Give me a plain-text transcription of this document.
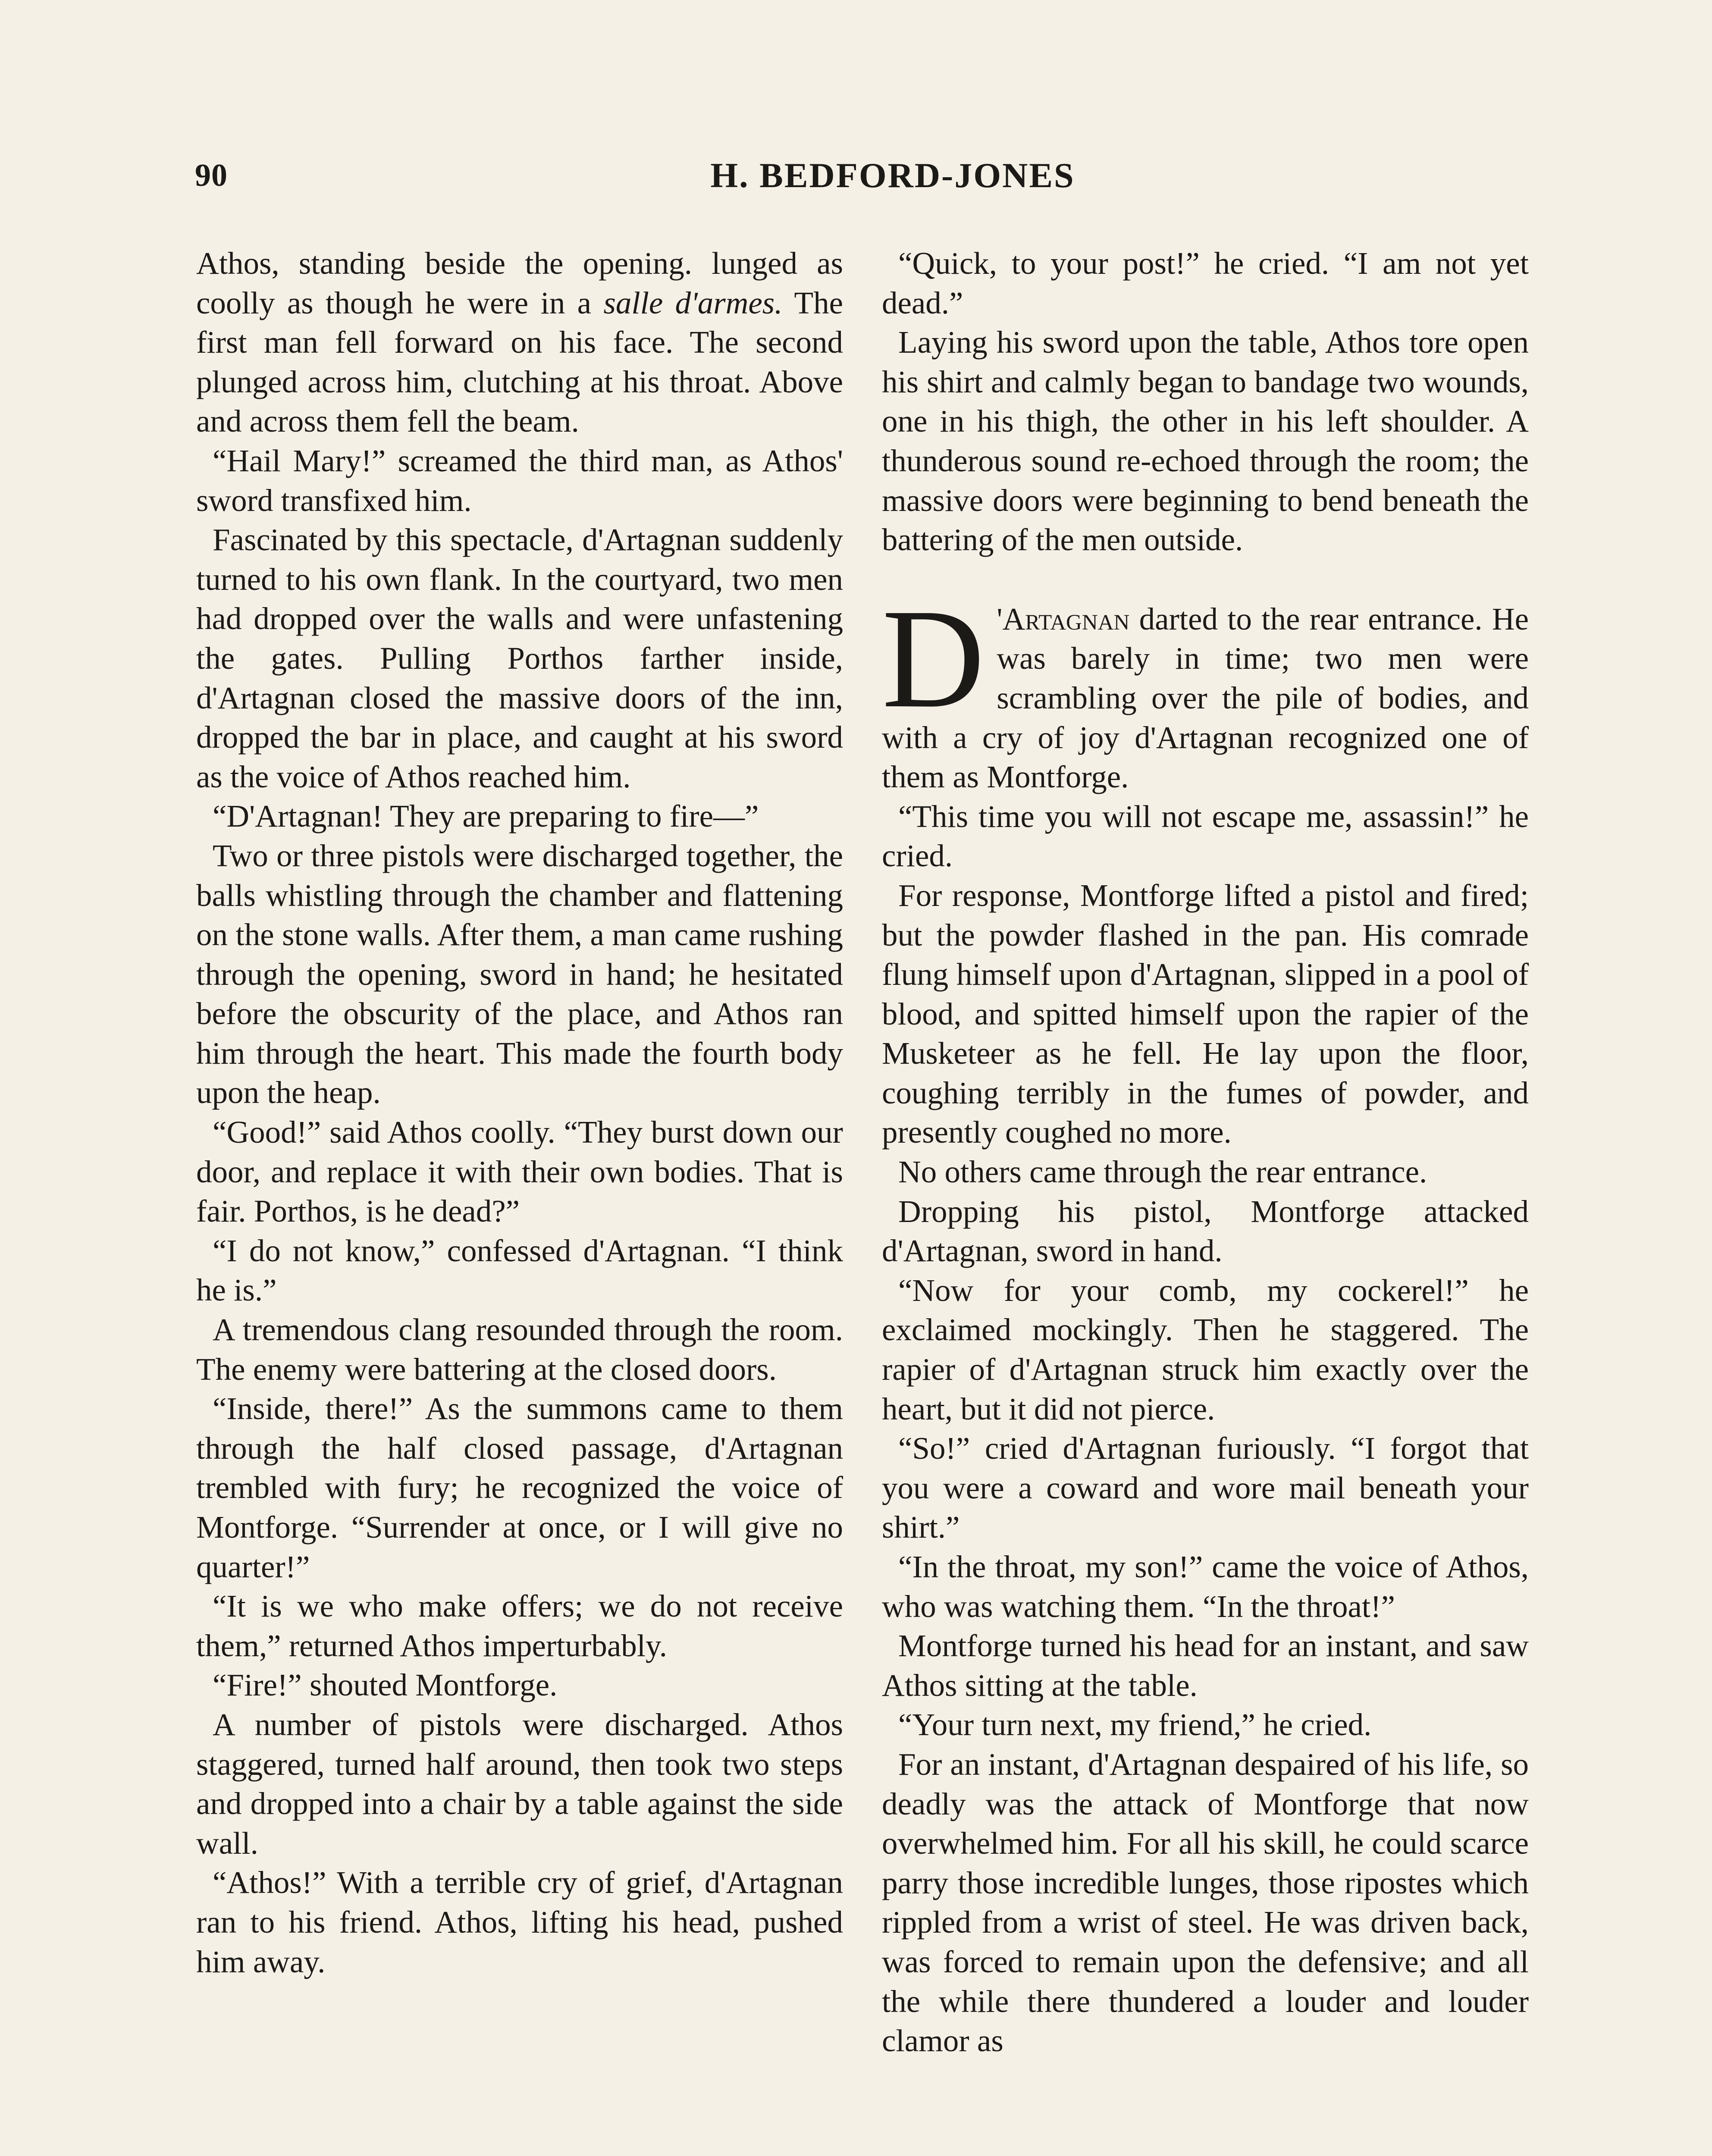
90	H. BEDFORD-JONES

Athos, standing beside the opening. lunged as coolly as though he were in a salle d'armes. The first man fell forward on his face. The second plunged across him, clutching at his throat. Above and across them fell the beam.

“Hail Mary!” screamed the third man, as Athos' sword transfixed him.

Fascinated by this spectacle, d'Artagnan suddenly turned to his own flank. In the courtyard, two men had dropped over the walls and were unfastening the gates. Pulling Porthos farther inside, d'Artagnan closed the massive doors of the inn, dropped the bar in place, and caught at his sword as the voice of Athos reached him.

“D'Artagnan! They are preparing to fire—”

Two or three pistols were discharged together, the balls whistling through the chamber and flattening on the stone walls. After them, a man came rushing through the opening, sword in hand; he hesitated before the obscurity of the place, and Athos ran him through the heart. This made the fourth body upon the heap.

“Good!” said Athos coolly. “They burst down our door, and replace it with their own bodies. That is fair. Porthos, is he dead?”

“I do not know,” confessed d'Artagnan. “I think he is.”

A tremendous clang resounded through the room. The enemy were battering at the closed doors.

“Inside, there!” As the summons came to them through the half closed passage, d'Artagnan trembled with fury; he recognized the voice of Montforge. “Surrender at once, or I will give no quarter!”

“It is we who make offers; we do not receive them,” returned Athos imperturbably.

“Fire!” shouted Montforge.

A number of pistols were discharged. Athos staggered, turned half around, then took two steps and dropped into a chair by a table against the side wall.

“Athos!” With a terrible cry of grief, d'Artagnan ran to his friend. Athos, lifting his head, pushed him away.

“Quick, to your post!” he cried. “I am not yet dead.”

Laying his sword upon the table, Athos tore open his shirt and calmly began to bandage two wounds, one in his thigh, the other in his left shoulder. A thunderous sound re-echoed through the room; the massive doors were beginning to bend beneath the battering of the men outside.

D 'Artagnan darted to the rear entrance. He was barely in time; two men were scrambling over the pile of bodies, and with a cry of joy d'Artagnan recognized one of them as Montforge.

“This time you will not escape me, assassin!” he cried.

For response, Montforge lifted a pistol and fired; but the powder flashed in the pan. His comrade flung himself upon d'Artagnan, slipped in a pool of blood, and spitted himself upon the rapier of the Musketeer as he fell. He lay upon the floor, coughing terribly in the fumes of powder, and presently coughed no more.

No others came through the rear entrance.

Dropping his pistol, Montforge attacked d'Artagnan, sword in hand.

“Now for your comb, my cockerel!” he exclaimed mockingly. Then he staggered. The rapier of d'Artagnan struck him exactly over the heart, but it did not pierce.

“So!” cried d'Artagnan furiously. “I forgot that you were a coward and wore mail beneath your shirt.”

“In the throat, my son!” came the voice of Athos, who was watching them. “In the throat!”

Montforge turned his head for an instant, and saw Athos sitting at the table.

“Your turn next, my friend,” he cried.

For an instant, d'Artagnan despaired of his life, so deadly was the attack of Montforge that now overwhelmed him. For all his skill, he could scarce parry those incredible lunges, those ripostes which rippled from a wrist of steel. He was driven back, was forced to remain upon the defensive; and all the while there thundered a louder and louder clamor as
